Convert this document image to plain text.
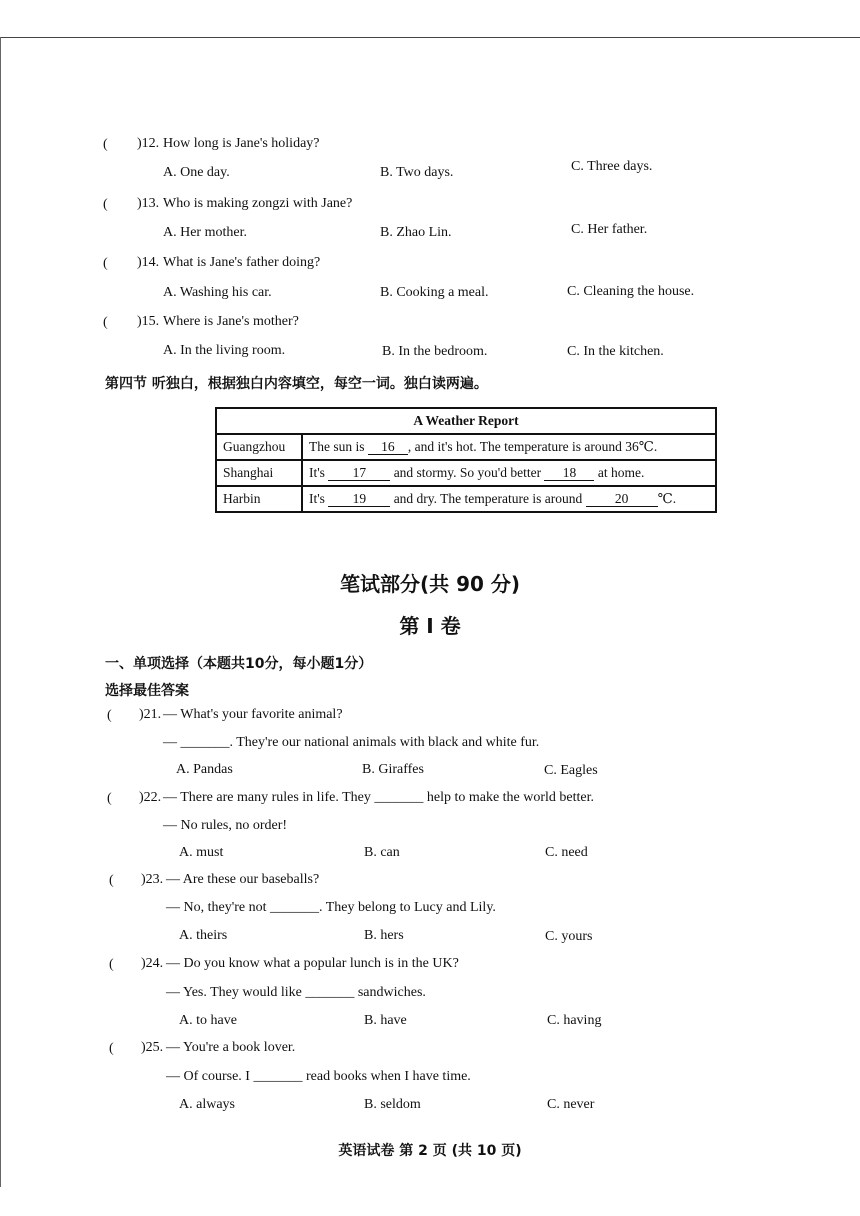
( )12. How long is Jane's holiday?
A. One day.	B. Two days.	C. Three days.
( )13. Who is making zongzi with Jane?
A. Her mother.	B. Zhao Lin.	C. Her father.
( )14. What is Jane's father doing?
A. Washing his car.	B. Cooking a meal.	C. Cleaning the house.
( )15. Where is Jane's mother?
A. In the living room.	B. In the bedroom.	C. In the kitchen.
第四节 听独白，根据独白内容填空，每空一词。独白读两遍。
A Weather Report	
Guangzhou	The sun is 16 , and it's hot. The temperature is around 36℃.
Shanghai	It's 17 and stormy. So you'd better 18 at home.
Harbin	It's 19 and dry. The temperature is around 20 ℃.
笔试部分(共 90 分)
第 I 卷
一、单项选择（本题共10分，每小题1分）
选择最佳答案
( )21. — What's your favorite animal?
— _______. They're our national animals with black and white fur.
A. Pandas	B. Giraffes	C. Eagles
( )22. — There are many rules in life. They _______ help to make the world better.
— No rules, no order!
A. must	B. can	C. need
( )23. — Are these our baseballs?
— No, they're not _______. They belong to Lucy and Lily.
A. theirs	B. hers	C. yours
( )24. — Do you know what a popular lunch is in the UK?
— Yes. They would like _______ sandwiches.
A. to have	B. have	C. having
( )25. — You're a book lover.
— Of course. I _______ read books when I have time.
A. always	B. seldom	C. never
英语试卷 第 2 页 (共 10 页)
